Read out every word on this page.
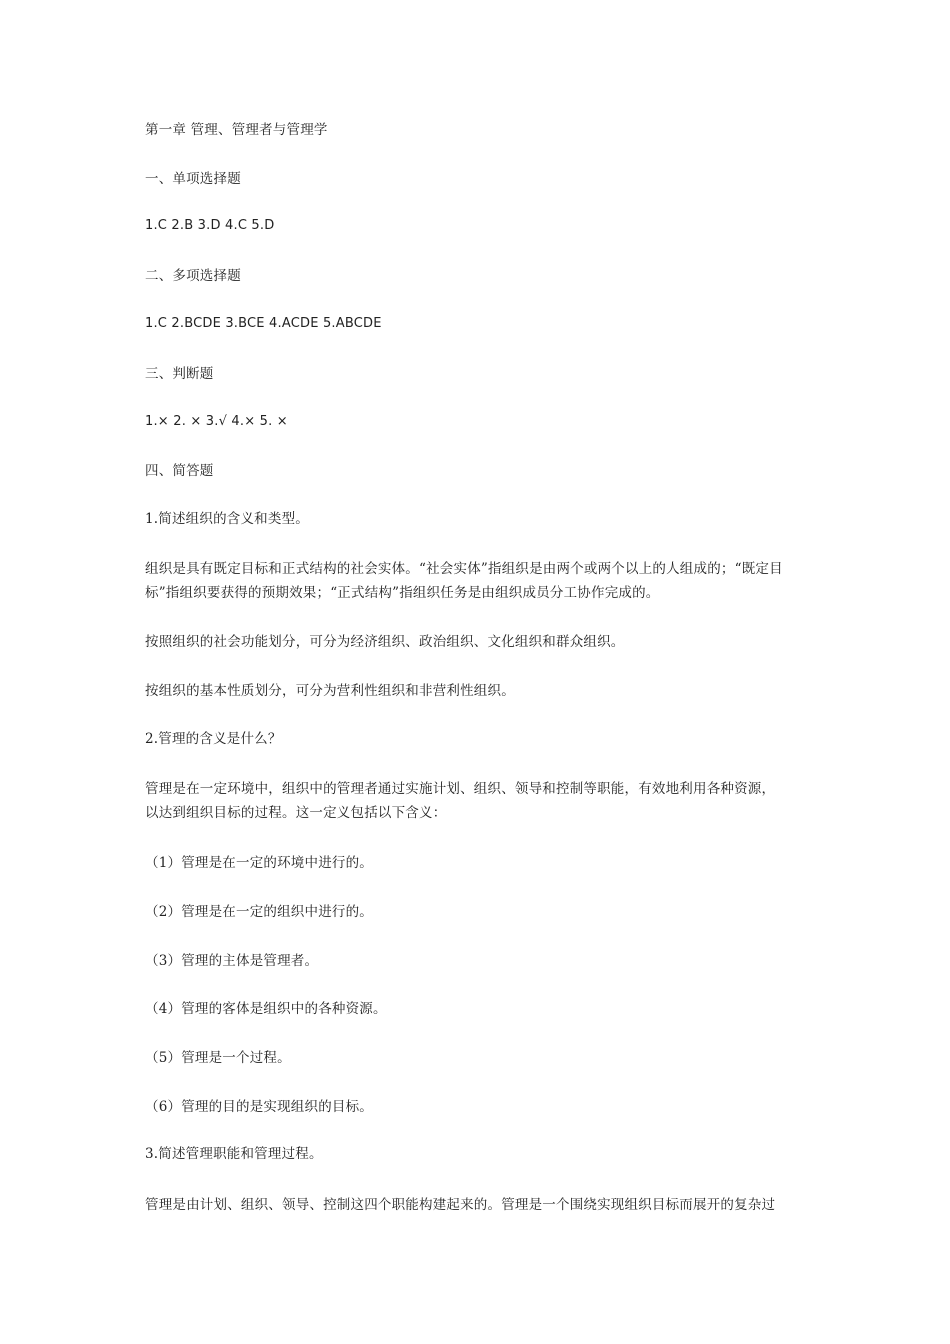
第一章 管理、管理者与管理学
一、单项选择题
1.C 2.B 3.D 4.C 5.D
二、多项选择题
1.C 2.BCDE 3.BCE 4.ACDE 5.ABCDE
三、判断题
1.× 2. × 3.√ 4.× 5. ×
四、简答题
1.简述组织的含义和类型。
组织是具有既定目标和正式结构的社会实体。“社会实体”指组织是由两个或两个以上的人组成的；“既定目
标”指组织要获得的预期效果；“正式结构”指组织任务是由组织成员分工协作完成的。
按照组织的社会功能划分，可分为经济组织、政治组织、文化组织和群众组织。
按组织的基本性质划分，可分为营利性组织和非营利性组织。
2.管理的含义是什么？
管理是在一定环境中，组织中的管理者通过实施计划、组织、领导和控制等职能，有效地利用各种资源，
以达到组织目标的过程。这一定义包括以下含义：
（1）管理是在一定的环境中进行的。
（2）管理是在一定的组织中进行的。
（3）管理的主体是管理者。
（4）管理的客体是组织中的各种资源。
（5）管理是一个过程。
（6）管理的目的是实现组织的目标。
3.简述管理职能和管理过程。
管理是由计划、组织、领导、控制这四个职能构建起来的。管理是一个围绕实现组织目标而展开的复杂过
